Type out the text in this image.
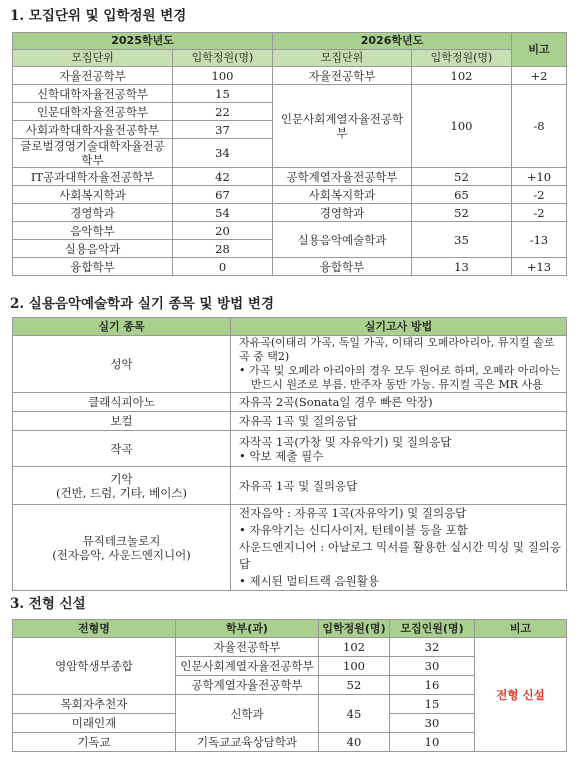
1. 모집단위 및 입학정원 변경
2025학년도		2026학년도		비고
모집단위	입학정원(명)	모집단위	입학정원(명)	
자율전공학부	100	자율전공학부	102	+2
신학대학자율전공학부	15	인문사회계열자율전공학부	100	-8
인문대학자율전공학부	22			
사회과학대학자율전공학부	37			
글로벌경영기술대학자율전공학부	34			
IT공과대학자율전공학부	42	공학계열자율전공학부	52	+10
사회복지학과	67	사회복지학과	65	-2
경영학과	54	경영학과	52	-2
음악학부	20	실용음악예술학과	35	-13
실용음악과	28			
융합학부	0	융합학부	13	+13
2. 실용음악예술학과 실기 종목 및 방법 변경
실기 종목	실기고사 방법
성악	자유곡(이태리 가곡, 독일 가곡, 이태리 오페라아리아, 뮤지컬 솔로곡 중 택2)
• 가곡 및 오페라 아리아의 경우 모두 원어로 하며, 오페라 아리아는
반드시 원조로 부름. 반주자 동반 가능. 뮤지컬 곡은 MR 사용

클래식피아노	자유곡 2곡(Sonata일 경우 빠른 악장)
보컬	자유곡 1곡 및 질의응답
작곡	자작곡 1곡(가창 및 자유악기) 및 질의응답
• 악보 제출 필수

기악
(건반, 드럼, 기타, 베이스)	자유곡 1곡 및 질의응답

뮤직테크놀로지
(전자음악, 사운드엔지니어)	전자음악 : 자유곡 1곡(자유악기) 및 질의응답
• 자유악기는 신디사이저, 턴테이블 등을 포함
사운드엔지니어 : 아날로그 믹서를 활용한 실시간 믹싱 및 질의응답
• 제시된 멀티트랙 음원활용
3. 전형 신설
전형명	학부(과)	입학정원(명)	모집인원(명)	비고
영암학생부종합	자율전공학부	102	32	전형 신설
	인문사회계열자율전공학부	100	30	
	공학계열자율전공학부	52	16	
목회자추천자	신학과	45	15	
미래인재			30	
기독교	기독교교육상담학과	40	10	
